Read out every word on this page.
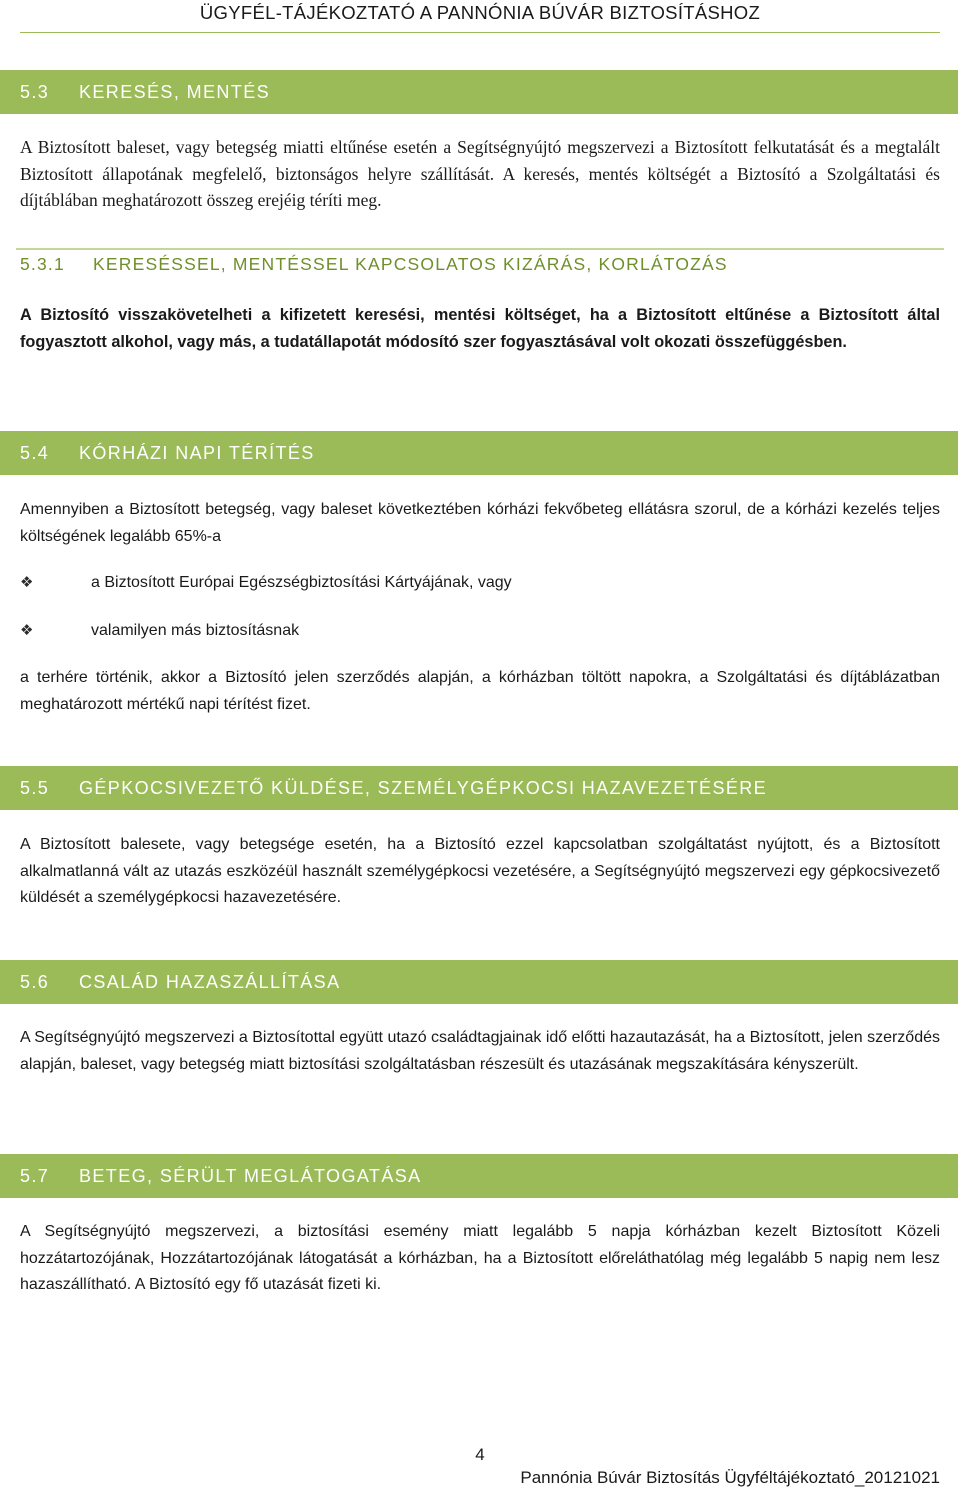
ÜGYFÉL-TÁJÉKOZTATÓ A PANNÓNIA BÚVÁR BIZTOSÍTÁSHOZ
5.3 KERESÉS, MENTÉS
A Biztosított baleset, vagy betegség miatti eltűnése esetén a Segítségnyújtó megszervezi a Biztosított felkutatását és a megtalált Biztosított állapotának megfelelő, biztonságos helyre szállítását. A keresés, mentés költségét a Biztosító a Szolgáltatási és díjtáblában meghatározott összeg erejéig téríti meg.
5.3.1 KERESÉSSEL, MENTÉSSEL KAPCSOLATOS KIZÁRÁS, KORLÁTOZÁS
A Biztosító visszakövetelheti a kifizetett keresési, mentési költséget, ha a Biztosított eltűnése a Biztosított által fogyasztott alkohol, vagy más, a tudatállapotát módosító szer fogyasztásával volt okozati összefüggésben.
5.4 KÓRHÁZI NAPI TÉRÍTÉS
Amennyiben a Biztosított betegség, vagy baleset következtében kórházi fekvőbeteg ellátásra szorul, de a kórházi kezelés teljes költségének legalább 65%-a
❖	a Biztosított Európai Egészségbiztosítási Kártyájának, vagy
❖	valamilyen más biztosításnak
a terhére történik, akkor a Biztosító jelen szerződés alapján, a kórházban töltött napokra, a Szolgáltatási és díjtáblázatban meghatározott mértékű napi térítést fizet.
5.5 GÉPKOCSIVEZETŐ KÜLDÉSE, SZEMÉLYGÉPKOCSI HAZAVEZETÉSÉRE
A Biztosított balesete, vagy betegsége esetén, ha a Biztosító ezzel kapcsolatban szolgáltatást nyújtott, és a Biztosított alkalmatlanná vált az utazás eszközéül használt személygépkocsi vezetésére, a Segítségnyújtó megszervezi egy gépkocsivezető küldését a személygépkocsi hazavezetésére.
5.6 CSALÁD HAZASZÁLLÍTÁSA
A Segítségnyújtó megszervezi a Biztosítottal együtt utazó családtagjainak idő előtti hazautazását, ha a Biztosított, jelen szerződés alapján, baleset, vagy betegség miatt biztosítási szolgáltatásban részesült és utazásának megszakítására kényszerült.
5.7 BETEG, SÉRÜLT MEGLÁTOGATÁSA
A Segítségnyújtó megszervezi, a biztosítási esemény miatt legalább 5 napja kórházban kezelt Biztosított Közeli hozzátartozójának, Hozzátartozójának látogatását a kórházban, ha a Biztosított előreláthatólag még legalább 5 napig nem lesz hazaszállítható. A Biztosító egy fő utazását fizeti ki.
4
Pannónia Búvár Biztosítás Ügyféltájékoztató_20121021
